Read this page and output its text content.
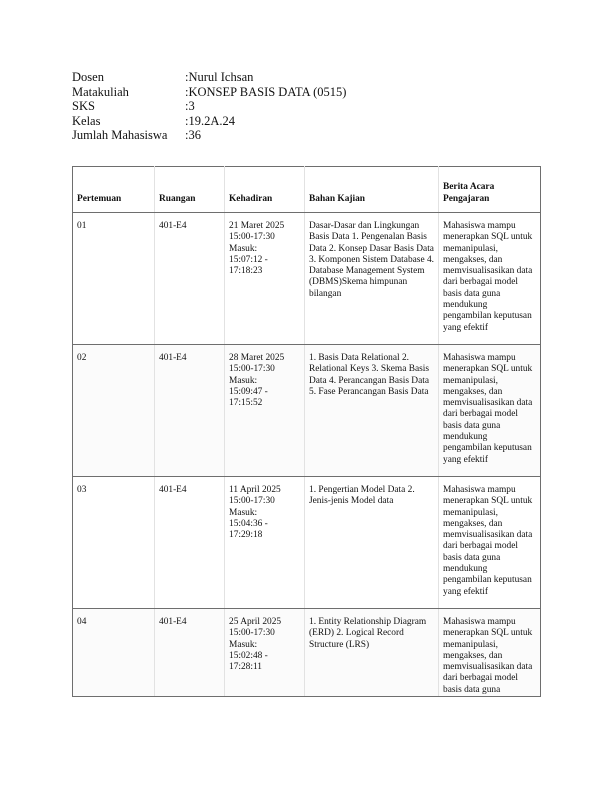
Dosen	:Nurul Ichsan
Matakuliah	:KONSEP BASIS DATA (0515)
SKS	:3
Kelas	:19.2A.24
Jumlah Mahasiswa	:36
Pertemuan	Ruangan	Kehadiran	Bahan Kajian	Berita Acara Pengajaran
01	401-E4	21 Maret 2025
15:00-17:30
Masuk:
15:07:12 -
17:18:23	Dasar-Dasar dan Lingkungan Basis Data 1. Pengenalan Basis Data 2. Konsep Dasar Basis Data 3. Komponen Sistem Database 4. Database Management System (DBMS)Skema himpunan bilangan	Mahasiswa mampu menerapkan SQL untuk memanipulasi, mengakses, dan memvisualisasikan data dari berbagai model basis data guna mendukung pengambilan keputusan yang efektif
02	401-E4	28 Maret 2025
15:00-17:30
Masuk:
15:09:47 -
17:15:52	1. Basis Data Relational 2. Relational Keys 3. Skema Basis Data 4. Perancangan Basis Data 5. Fase Perancangan Basis Data	Mahasiswa mampu menerapkan SQL untuk memanipulasi, mengakses, dan memvisualisasikan data dari berbagai model basis data guna mendukung pengambilan keputusan yang efektif
03	401-E4	11 April 2025
15:00-17:30
Masuk:
15:04:36 -
17:29:18	1. Pengertian Model Data 2. Jenis-jenis Model data	Mahasiswa mampu menerapkan SQL untuk memanipulasi, mengakses, dan memvisualisasikan data dari berbagai model basis data guna mendukung pengambilan keputusan yang efektif
04	401-E4	25 April 2025
15:00-17:30
Masuk:
15:02:48 -
17:28:11	1. Entity Relationship Diagram (ERD) 2. Logical Record Structure (LRS)	Mahasiswa mampu menerapkan SQL untuk memanipulasi, mengakses, dan memvisualisasikan data dari berbagai model basis data guna
